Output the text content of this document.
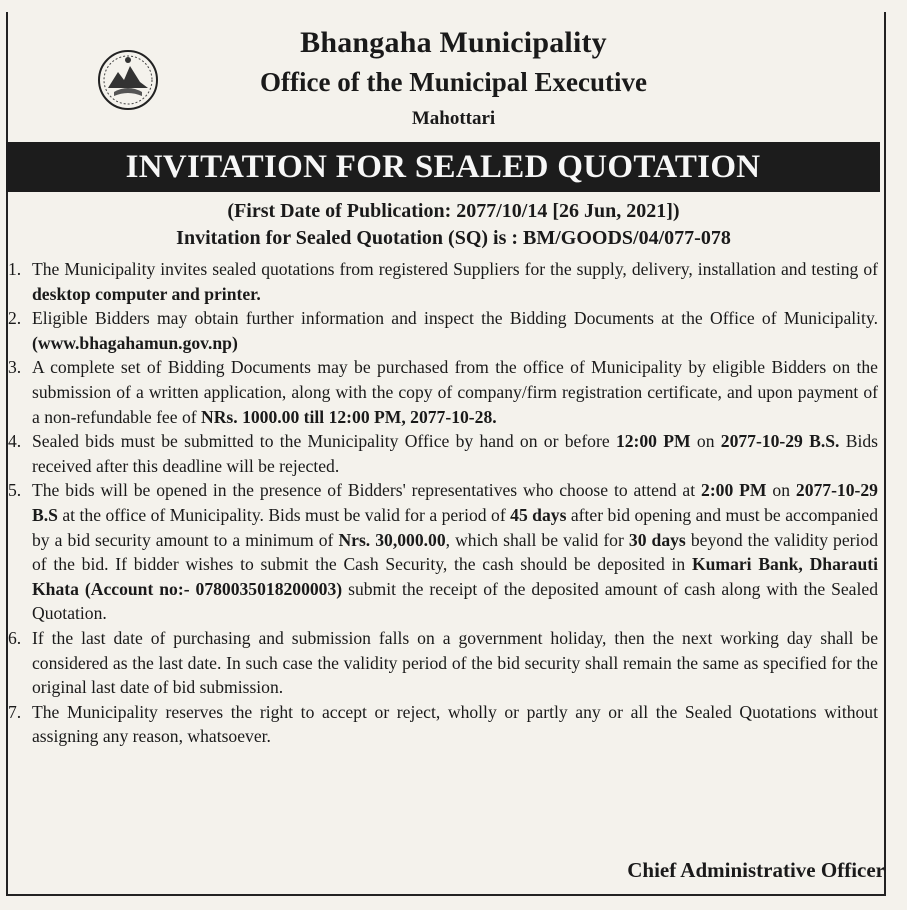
Bhangaha Municipality
Office of the Municipal Executive
Mahottari
INVITATION FOR SEALED QUOTATION
(First Date of Publication: 2077/10/14 [26 Jun, 2021])
Invitation for Sealed Quotation (SQ) is : BM/GOODS/04/077-078
1. The Municipality invites sealed quotations from registered Suppliers for the supply, delivery, installation and testing of desktop computer and printer.
2. Eligible Bidders may obtain further information and inspect the Bidding Documents at the Office of Municipality. (www.bhagahamun.gov.np)
3. A complete set of Bidding Documents may be purchased from the office of Municipality by eligible Bidders on the submission of a written application, along with the copy of company/firm registration certificate, and upon payment of a non-refundable fee of NRs. 1000.00 till 12:00 PM, 2077-10-28.
4. Sealed bids must be submitted to the Municipality Office by hand on or before 12:00 PM on 2077-10-29 B.S. Bids received after this deadline will be rejected.
5. The bids will be opened in the presence of Bidders' representatives who choose to attend at 2:00 PM on 2077-10-29 B.S at the office of Municipality. Bids must be valid for a period of 45 days after bid opening and must be accompanied by a bid security amount to a minimum of Nrs. 30,000.00, which shall be valid for 30 days beyond the validity period of the bid. If bidder wishes to submit the Cash Security, the cash should be deposited in Kumari Bank, Dharauti Khata (Account no:- 0780035018200003) submit the receipt of the deposited amount of cash along with the Sealed Quotation.
6. If the last date of purchasing and submission falls on a government holiday, then the next working day shall be considered as the last date. In such case the validity period of the bid security shall remain the same as specified for the original last date of bid submission.
7. The Municipality reserves the right to accept or reject, wholly or partly any or all the Sealed Quotations without assigning any reason, whatsoever.
Chief Administrative Officer
